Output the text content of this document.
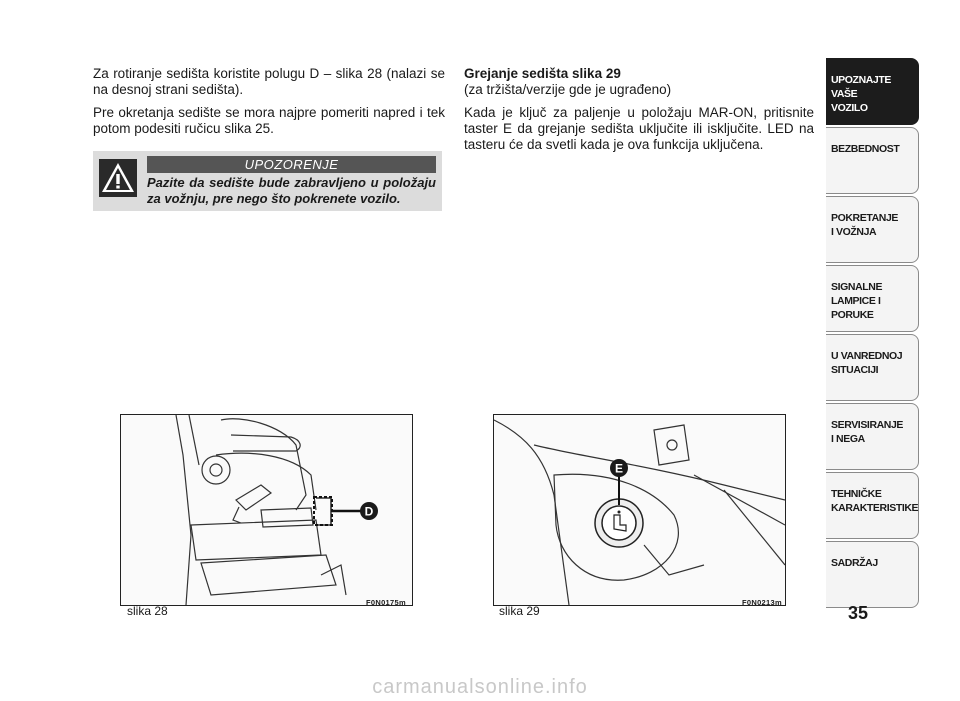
Za rotiranje sedišta koristite polugu D – slika 28 (nalazi se na desnoj strani sedišta).

Pre okretanja sedište se mora najpre pomeriti napred i tek potom podesiti ručicu slika 25.

UPOZORENJE
Pazite da sedište bude zabravljeno u položaju
za vožnju, pre nego što pokrenete vozilo.
Grejanje sedišta slika 29

(za tržišta/verzije gde je ugrađeno)

Kada je ključ za paljenje u položaju MAR-ON, pritisnite taster E da grejanje sedišta uključite ili isključite. LED na tasteru će da svetli kada je ova funkcija uključena.

D
slika 28
F0N0175m
E
slika 29
F0N0213m
UPOZNAJTE
VAŠE
VOZILO
BEZBEDNOST
POKRETANJE
I VOŽNJA
SIGNALNE
LAMPICE I PORUKE
U VANREDNOJ
SITUACIJI
SERVISIRANJE
I NEGA
TEHNIČKE
KARAKTERISTIKE
SADRŽAJ
35
carmanualsonline.info
